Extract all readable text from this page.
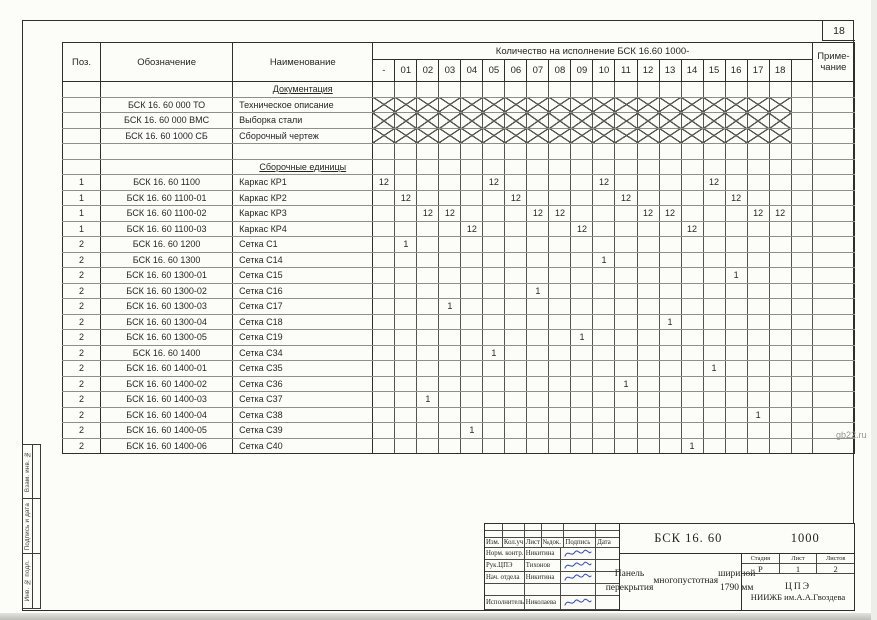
18
Поз.	Обозначение	Наименование	Количество на исполнение БСК 16.60 1000-																				Приме-
чание
			-	01	02	03	04	05	06	07	08	09	10	11	12	13	14	15	16	17	18		
		Документация																					
	БСК 16. 60 000 ТО	Техническое описание																					
	БСК 16. 60 000 ВМС	Выборка стали																					
	БСК 16. 60 1000 СБ	Сборочный чертеж																					

		Сборочные единицы																					
1	БСК 16. 60 1100	Каркас КР1	12					12					12					12					
1	БСК 16. 60 1100-01	Каркас КР2		12					12					12					12				
1	БСК 16. 60 1100-02	Каркас КР3			12	12				12	12				12	12				12	12		
1	БСК 16. 60 1100-03	Каркас КР4					12					12					12						
2	БСК 16. 60 1200	Сетка С1		1																			
2	БСК 16. 60 1300	Сетка С14											1										
2	БСК 16. 60 1300-01	Сетка С15																	1				
2	БСК 16. 60 1300-02	Сетка С16								1													
2	БСК 16. 60 1300-03	Сетка С17				1																	
2	БСК 16. 60 1300-04	Сетка С18														1							
2	БСК 16. 60 1300-05	Сетка С19										1											
2	БСК 16. 60 1400	Сетка С34						1															
2	БСК 16. 60 1400-01	Сетка С35																1					
2	БСК 16. 60 1400-02	Сетка С36												1									
2	БСК 16. 60 1400-03	Сетка С37			1																		
2	БСК 16. 60 1400-04	Сетка С38																		1			
2	БСК 16. 60 1400-05	Сетка С39					1																
2	БСК 16. 60 1400-06	Сетка С40															1						
Взам. инв. №
Подпись и дата
Инв. № подл.
Изм. Кол.уч Лист №док. Подпись Дата
Норм. контр. Никитина
Рук.ЦПЭ	Тихонов
Нач. отдела Никитина
Исполнитель Николаева
БСК 16. 60	1000
Панель перекрытия
многопустотная
шириной 1790 мм
Стадия	Лист	Листов
Р	1	2
ЦПЭ
НИИЖБ им.А.А.Гвоздева
gb22.ru
